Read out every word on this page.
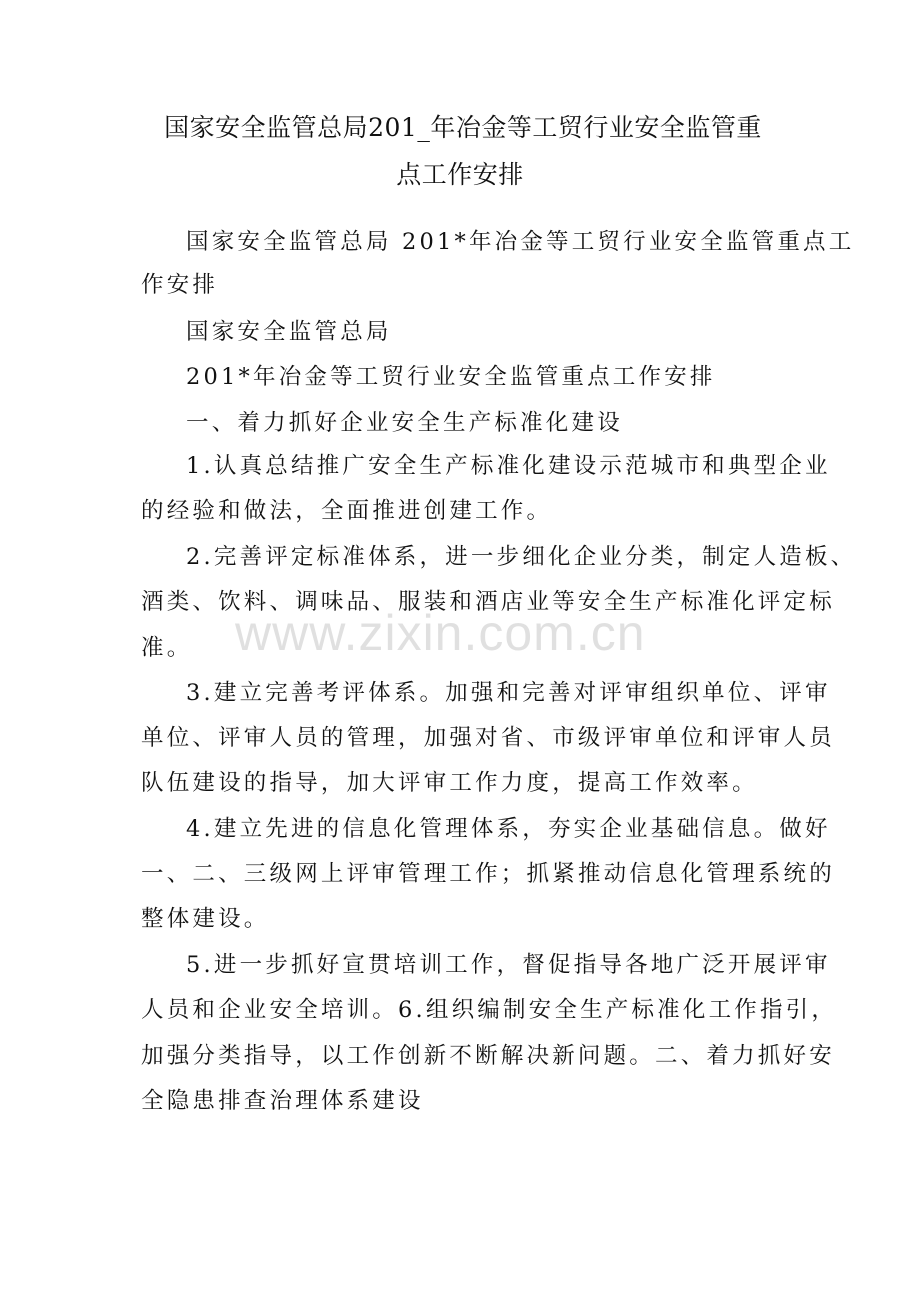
国家安全监管总局201_年冶金等工贸行业安全监管重
点工作安排
国家安全监管总局 201*年冶金等工贸行业安全监管重点工
作安排
国家安全监管总局
201*年冶金等工贸行业安全监管重点工作安排
一、着力抓好企业安全生产标准化建设
1.认真总结推广安全生产标准化建设示范城市和典型企业
的经验和做法，全面推进创建工作。
2.完善评定标准体系，进一步细化企业分类，制定人造板、
酒类、饮料、调味品、服装和酒店业等安全生产标准化评定标
准。
3.建立完善考评体系。加强和完善对评审组织单位、评审
单位、评审人员的管理，加强对省、市级评审单位和评审人员
队伍建设的指导，加大评审工作力度，提高工作效率。
4.建立先进的信息化管理体系，夯实企业基础信息。做好
一、二、三级网上评审管理工作；抓紧推动信息化管理系统的
整体建设。
5.进一步抓好宣贯培训工作，督促指导各地广泛开展评审
人员和企业安全培训。6.组织编制安全生产标准化工作指引，
加强分类指导，以工作创新不断解决新问题。二、着力抓好安
全隐患排查治理体系建设
www.zixin.com.cn
